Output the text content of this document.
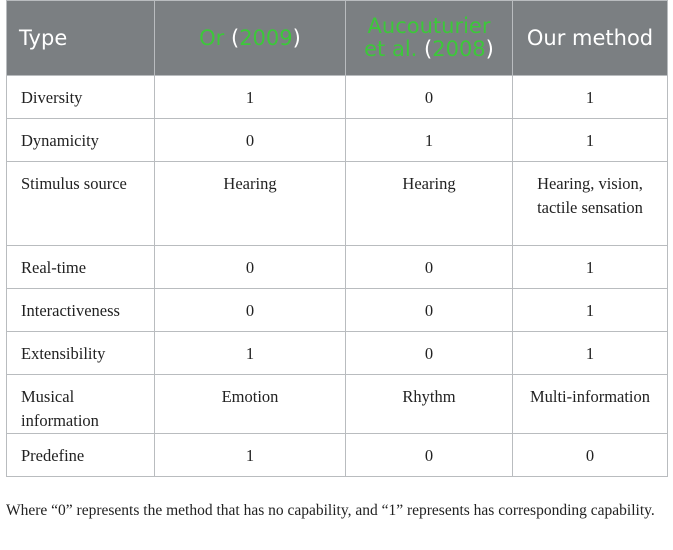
Type	Or (2009)	Aucouturier et al. (2008)	Our method
Diversity	1	0	1
Dynamicity	0	1	1
Stimulus source	Hearing	Hearing	Hearing, vision, tactile sensation
Real-time	0	0	1
Interactiveness	0	0	1
Extensibility	1	0	1
Musical information	Emotion	Rhythm	Multi-information
Predefine	1	0	0
Where “0” represents the method that has no capability, and “1” represents has corresponding capability.
